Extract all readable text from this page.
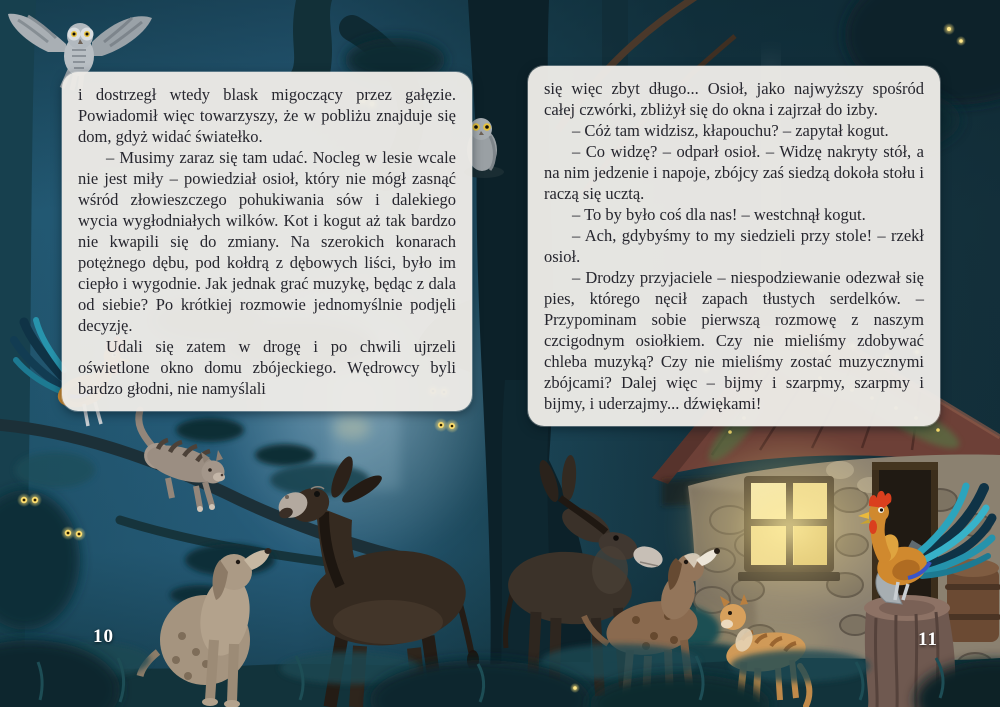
i dostrzegł wtedy blask migoczący przez gałęzie. Powiadomił więc towarzyszy, że w pobliżu znajduje się dom, gdyż widać światełko.

– Musimy zaraz się tam udać. Nocleg w lesie wcale nie jest miły – powiedział osioł, który nie mógł zasnąć wśród złowieszczego pohukiwania sów i dalekiego wycia wygłodniałych wilków. Kot i kogut aż tak bardzo nie kwapili się do zmiany. Na szerokich konarach potężnego dębu, pod kołdrą z dębowych liści, było im ciepło i wygodnie. Jak jednak grać muzykę, będąc z dala od siebie? Po krótkiej rozmowie jednomyślnie podjęli decyzję.

Udali się zatem w drogę i po chwili ujrzeli oświetlone okno domu zbójeckiego. Wędrowcy byli bardzo głodni, nie namyślali

się więc zbyt długo... Osioł, jako najwyższy spośród całej czwórki, zbliżył się do okna i zajrzał do izby.

– Cóż tam widzisz, kłapouchu? – zapytał kogut.

– Co widzę? – odparł osioł. – Widzę nakryty stół, a na nim jedzenie i napoje, zbójcy zaś siedzą dokoła stołu i raczą się ucztą.

– To by było coś dla nas! – westchnął kogut.

– Ach, gdybyśmy to my siedzieli przy stole! – rzekł osioł.

– Drodzy przyjaciele – niespodziewanie odezwał się pies, którego nęcił zapach tłustych serdelków. – Przypominam sobie pierwszą rozmowę z naszym czcigodnym osiołkiem. Czy nie mieliśmy zdobywać chleba muzyką? Czy nie mieliśmy zostać muzycznymi zbójcami? Dalej więc – bijmy i szarpmy, szarpmy i bijmy, i uderzajmy... dźwiękami!

10	11
